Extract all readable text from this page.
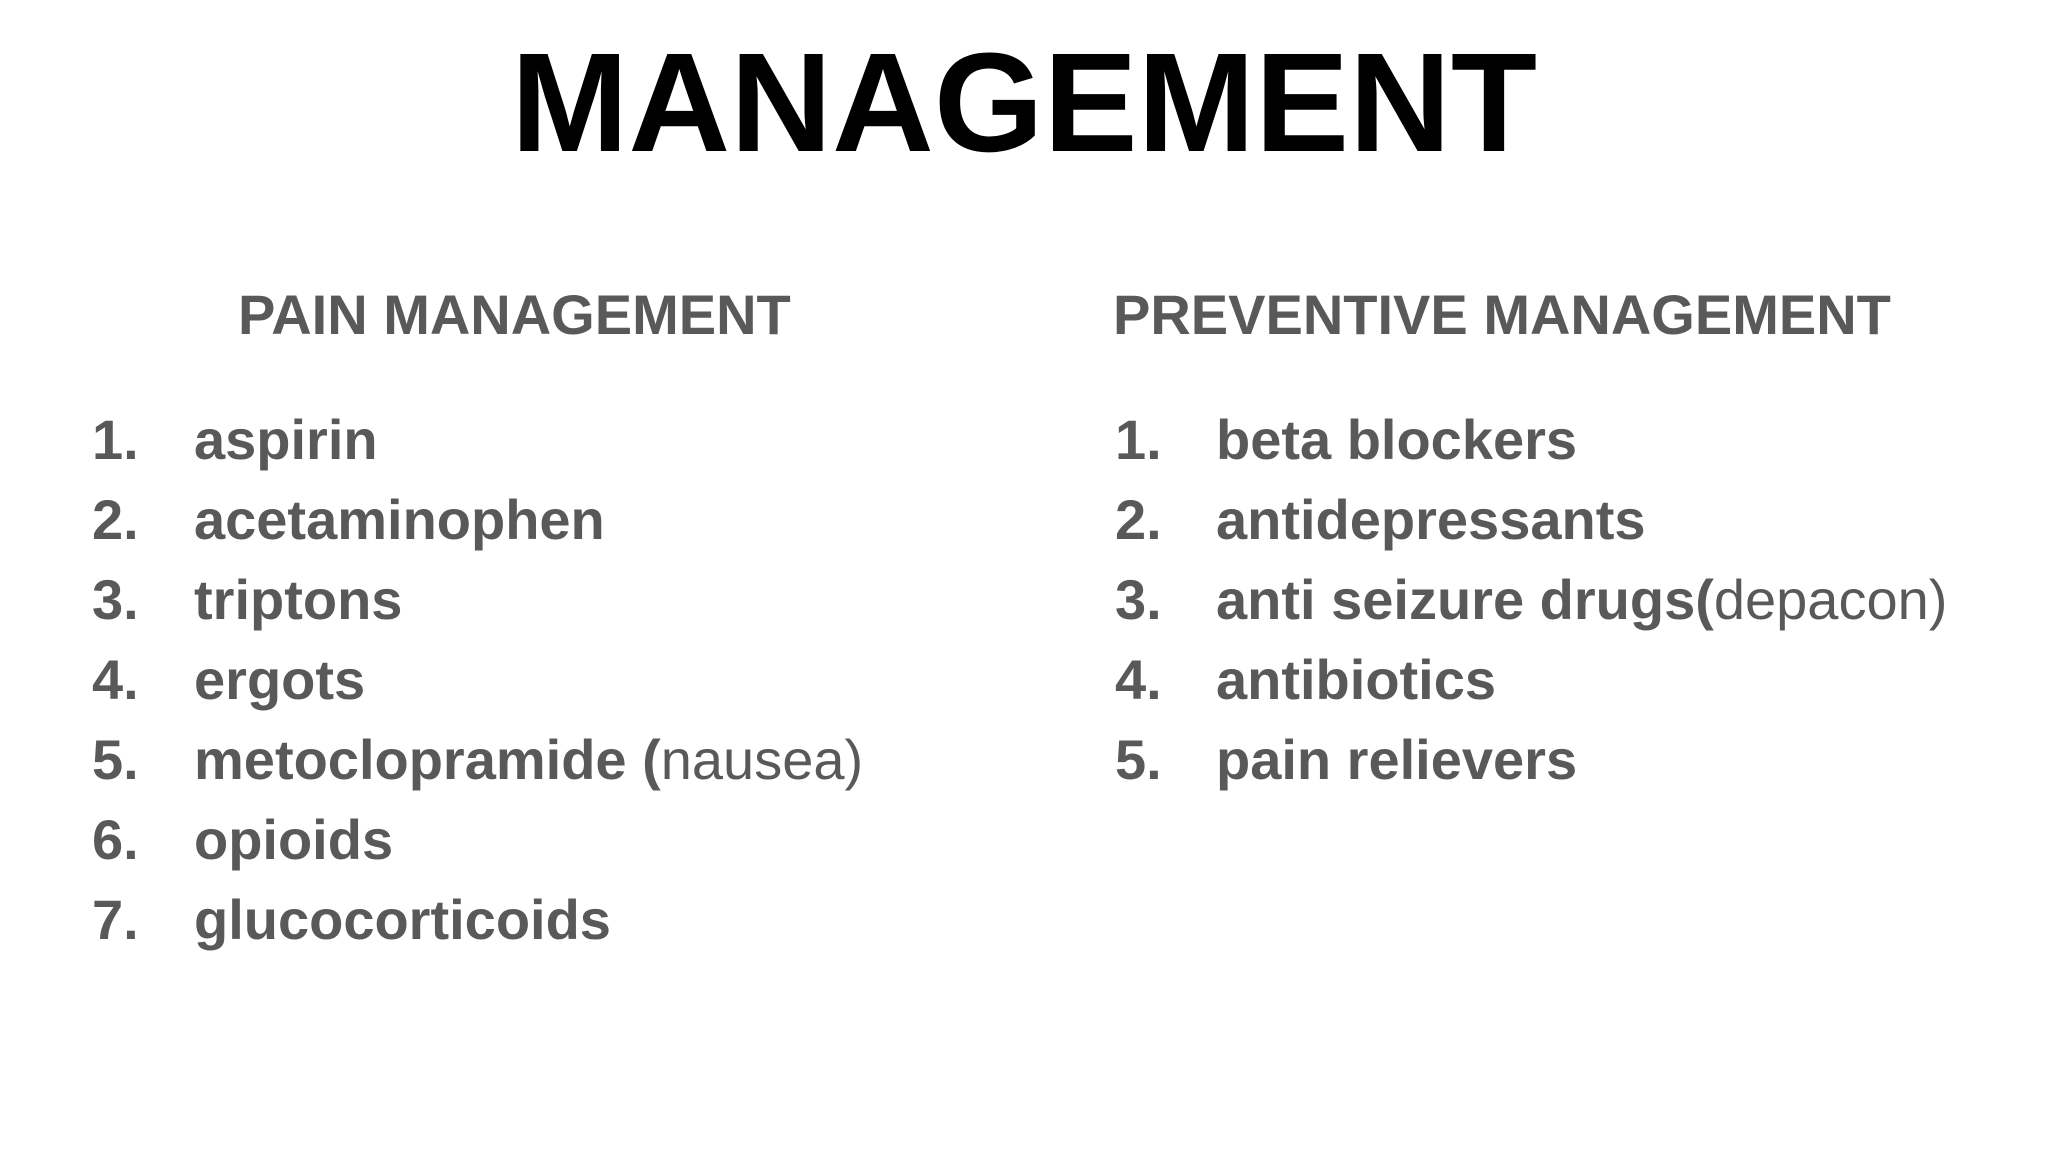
MANAGEMENT
PAIN MANAGEMENT	PREVENTIVE MANAGEMENT
1. aspirin
2. acetaminophen
3. triptons
4. ergots
5. metoclopramide (nausea)
6. opioids
7. glucocorticoids
1. beta blockers
2. antidepressants
3. anti seizure drugs(depacon)
4. antibiotics
5. pain relievers
